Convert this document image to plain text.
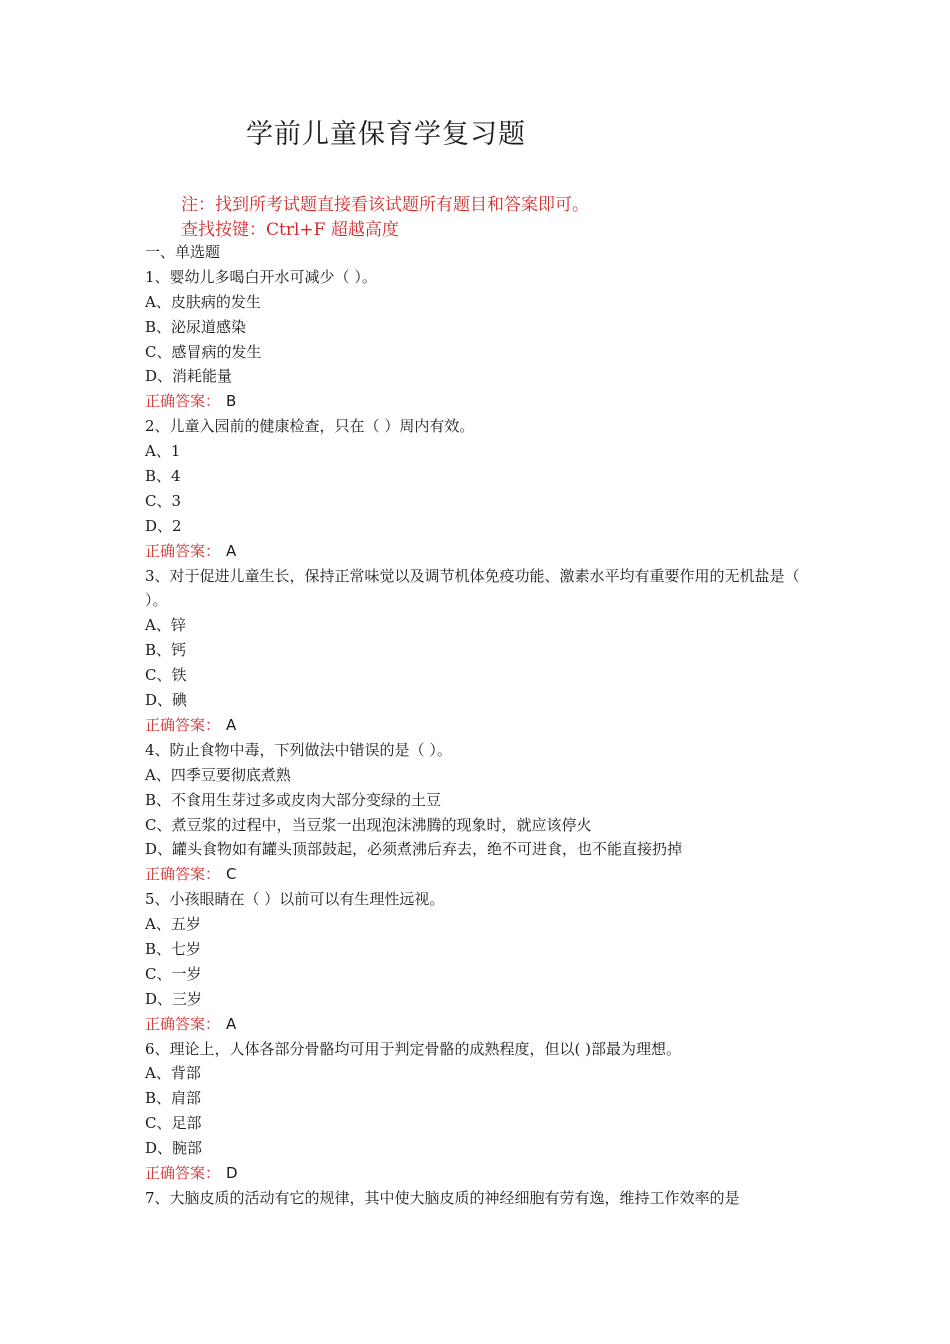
学前儿童保育学复习题
注：找到所考试题直接看该试题所有题目和答案即可。
查找按键：Ctrl+F 超越高度
一、单选题
1、婴幼儿多喝白开水可减少（ ）。
A、皮肤病的发生
B、泌尿道感染
C、感冒病的发生
D、消耗能量
正确答案： B
2、儿童入园前的健康检查，只在（ ）周内有效。
A、1
B、4
C、3
D、2
正确答案： A
3、对于促进儿童生长，保持正常味觉以及调节机体免疫功能、激素水平均有重要作用的无机盐是（ ）。
A、锌
B、钙
C、铁
D、碘
正确答案： A
4、防止食物中毒，下列做法中错误的是（ ）。
A、四季豆要彻底煮熟
B、不食用生芽过多或皮肉大部分变绿的土豆
C、煮豆浆的过程中，当豆浆一出现泡沫沸腾的现象时，就应该停火
D、罐头食物如有罐头顶部鼓起，必须煮沸后弃去，绝不可进食，也不能直接扔掉
正确答案： C
5、小孩眼睛在（ ）以前可以有生理性远视。
A、五岁
B、七岁
C、一岁
D、三岁
正确答案： A
6、理论上，人体各部分骨骼均可用于判定骨骼的成熟程度，但以( )部最为理想。
A、背部
B、肩部
C、足部
D、腕部
正确答案： D
7、大脑皮质的活动有它的规律，其中使大脑皮质的神经细胞有劳有逸，维持工作效率的是
